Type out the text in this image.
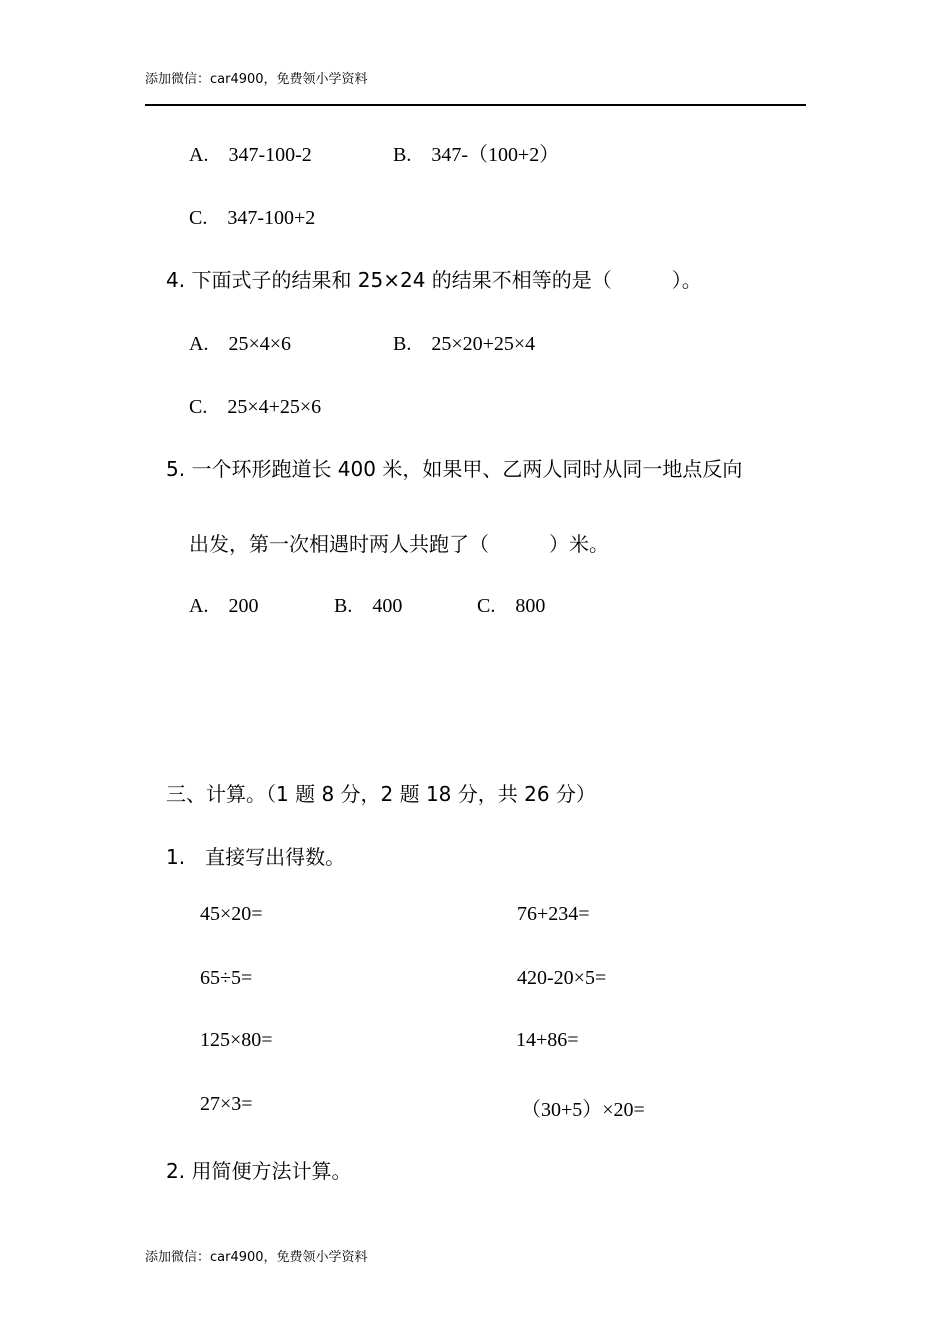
添加微信：car4900，免费领小学资料
A.　347-100-2	B.　347-（100+2）
C.　347-100+2
4. 下面式子的结果和 25×24 的结果不相等的是（　　　）。
A.　25×4×6	B.　25×20+25×4
C.　25×4+25×6
5. 一个环形跑道长 400 米，如果甲、乙两人同时从同一地点反向
出发，第一次相遇时两人共跑了（　　　）米。
A.　200	B.　400	C.　800
三、计算。（1 题 8 分，2 题 18 分，共 26 分）
1.　直接写出得数。
45×20=	76+234=
65÷5=	420-20×5=
125×80=	14+86=
27×3=	（30+5）×20=
2. 用简便方法计算。
添加微信：car4900，免费领小学资料
